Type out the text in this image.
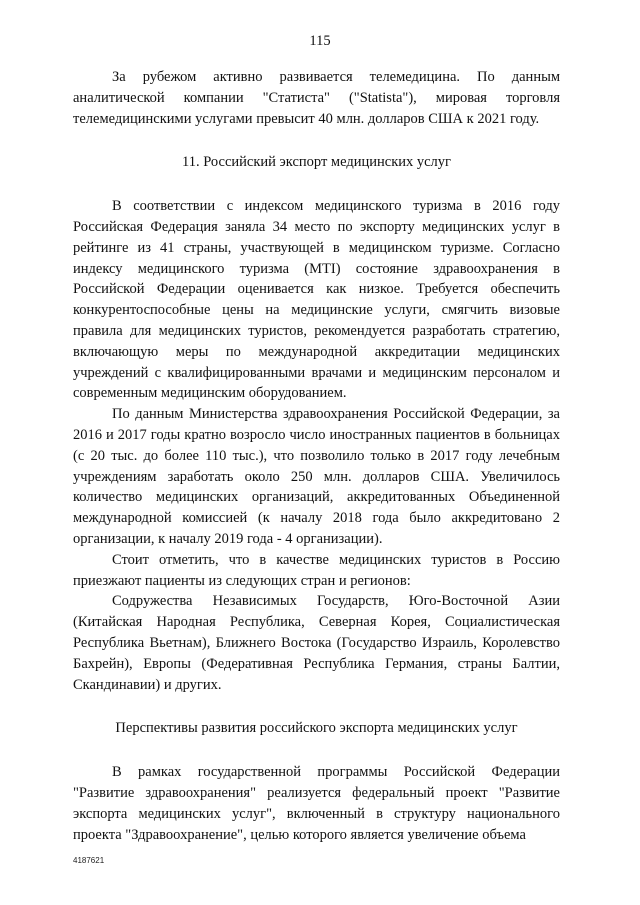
115

За рубежом активно развивается телемедицина. По данным аналитической компании "Статиста" ("Statista"), мировая торговля телемедицинскими услугами превысит 40 млн. долларов США к 2021 году.

11. Российский экспорт медицинских услуг

В соответствии с индексом медицинского туризма в 2016 году Российская Федерация заняла 34 место по экспорту медицинских услуг в рейтинге из 41 страны, участвующей в медицинском туризме. Согласно индексу медицинского туризма (MTI) состояние здравоохранения в Российской Федерации оценивается как низкое. Требуется обеспечить конкурентоспособные цены на медицинские услуги, смягчить визовые правила для медицинских туристов, рекомендуется разработать стратегию, включающую меры по международной аккредитации медицинских учреждений с квалифицированными врачами и медицинским персоналом и современным медицинским оборудованием.

По данным Министерства здравоохранения Российской Федерации, за 2016 и 2017 годы кратно возросло число иностранных пациентов в больницах (с 20 тыс. до более 110 тыс.), что позволило только в 2017 году лечебным учреждениям заработать около 250 млн. долларов США. Увеличилось количество медицинских организаций, аккредитованных Объединенной международной комиссией (к началу 2018 года было аккредитовано 2 организации, к началу 2019 года - 4 организации).

Стоит отметить, что в качестве медицинских туристов в Россию приезжают пациенты из следующих стран и регионов:

Содружества Независимых Государств, Юго-Восточной Азии (Китайская Народная Республика, Северная Корея, Социалистическая Республика Вьетнам), Ближнего Востока (Государство Израиль, Королевство Бахрейн), Европы (Федеративная Республика Германия, страны Балтии, Скандинавии) и других.

Перспективы развития российского экспорта медицинских услуг

В рамках государственной программы Российской Федерации "Развитие здравоохранения" реализуется федеральный проект "Развитие экспорта медицинских услуг", включенный в структуру национального проекта "Здравоохранение", целью которого является увеличение объема

4187621
